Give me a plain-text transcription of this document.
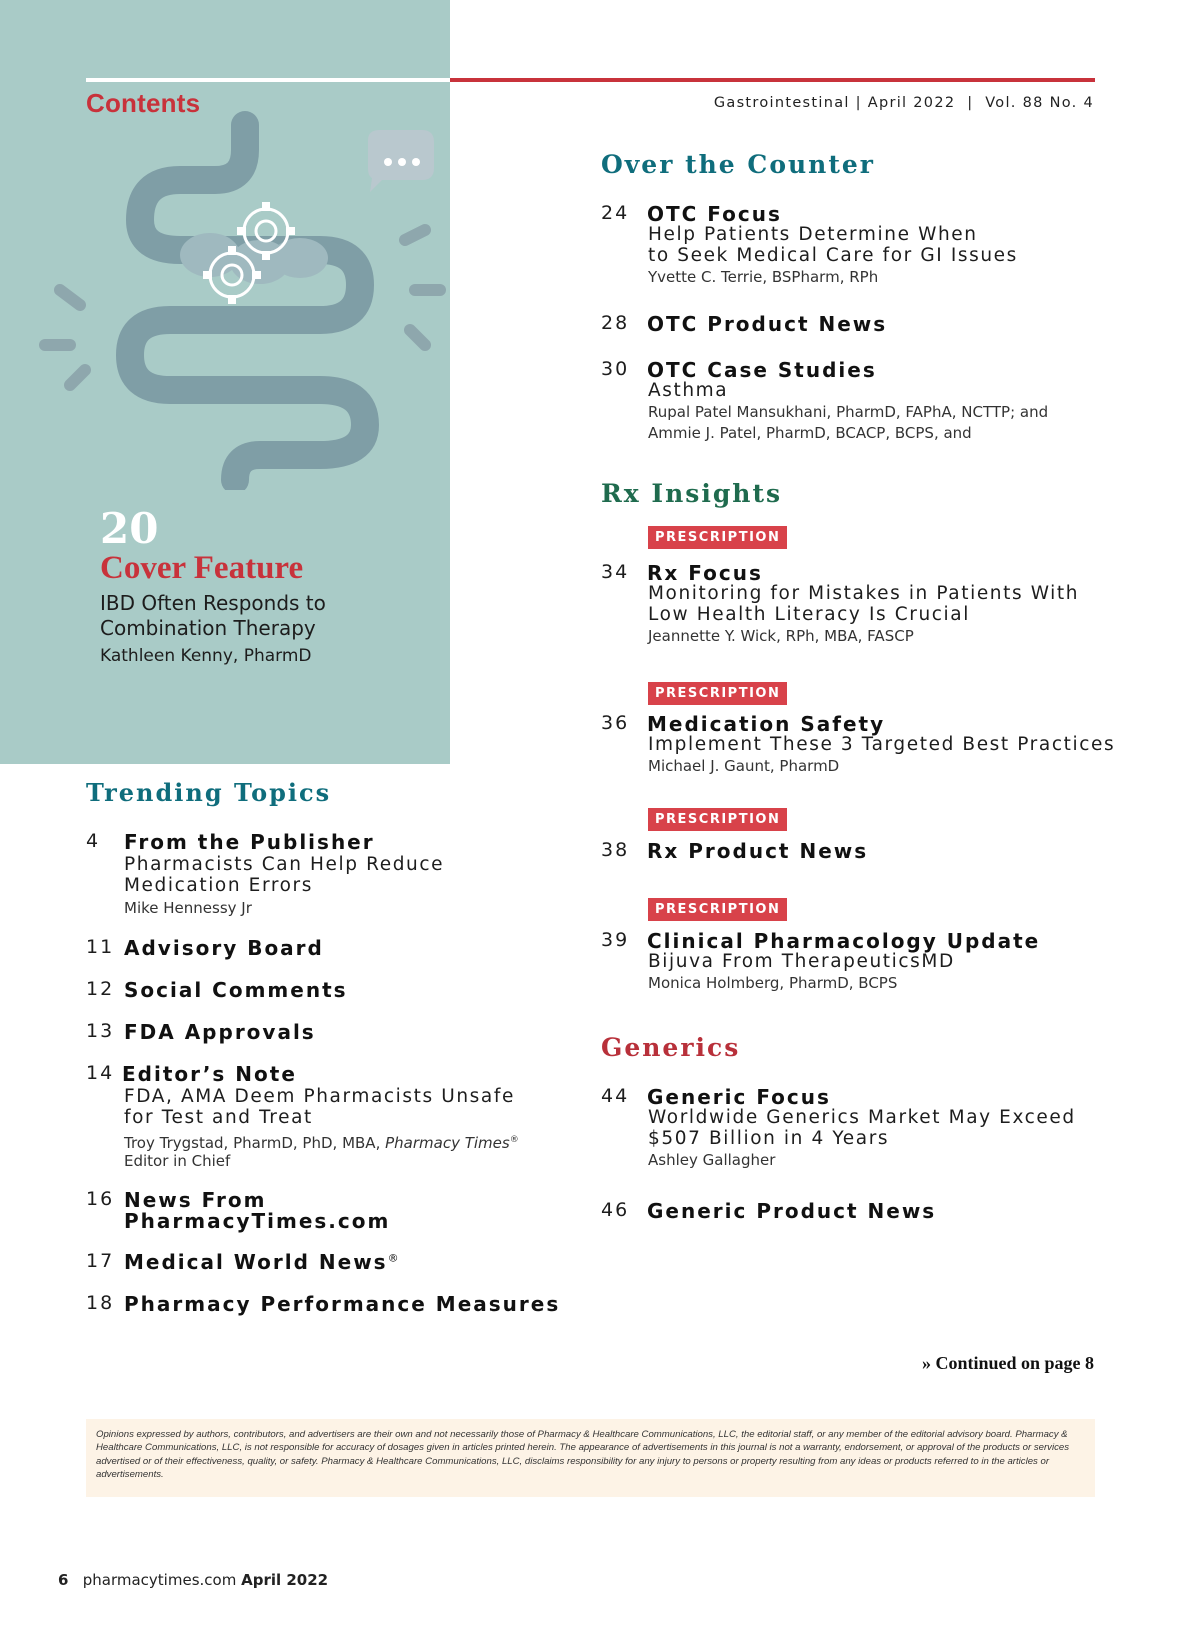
Contents	Gastrointestinal | April 2022  |  Vol. 88 No. 4
20
Cover Feature
IBD Often Responds to Combination Therapy
Kathleen Kenny, PharmD
Trending Topics
4 From the Publisher
Pharmacists Can Help Reduce
Medication Errors
Mike Hennessy Jr
11 Advisory Board
12 Social Comments
13 FDA Approvals
14 Editor’s Note
FDA, AMA Deem Pharmacists Unsafe
for Test and Treat
Troy Trygstad, PharmD, PhD, MBA, Pharmacy Times®
Editor in Chief
16 News From
PharmacyTimes.com
17 Medical World News®
18 Pharmacy Performance Measures
Over the Counter
24 OTC Focus
Help Patients Determine When
to Seek Medical Care for GI Issues
Yvette C. Terrie, BSPharm, RPh
28 OTC Product News
30 OTC Case Studies
Asthma
Rupal Patel Mansukhani, PharmD, FAPhA, NCTTP; and
Ammie J. Patel, PharmD, BCACP, BCPS, and
Rx Insights
PRESCRIPTION
34 Rx Focus
Monitoring for Mistakes in Patients With
Low Health Literacy Is Crucial
Jeannette Y. Wick, RPh, MBA, FASCP
PRESCRIPTION
36 Medication Safety
Implement These 3 Targeted Best Practices
Michael J. Gaunt, PharmD
PRESCRIPTION
38 Rx Product News
PRESCRIPTION
39 Clinical Pharmacology Update
Bijuva From TherapeuticsMD
Monica Holmberg, PharmD, BCPS
Generics
44 Generic Focus
Worldwide Generics Market May Exceed
$507 Billion in 4 Years
Ashley Gallagher
46 Generic Product News
» Continued on page 8
Opinions expressed by authors, contributors, and advertisers are their own and not necessarily those of Pharmacy & Healthcare Communications, LLC, the editorial staff, or any member of the editorial advisory board. Pharmacy & Healthcare Communications, LLC, is not responsible for accuracy of dosages given in articles printed herein. The appearance of advertisements in this journal is not a warranty, endorsement, or approval of the products or services advertised or of their effectiveness, quality, or safety. Pharmacy & Healthcare Communications, LLC, disclaims responsibility for any injury to persons or property resulting from any ideas or products referred to in the articles or advertisements.
6 pharmacytimes.com April 2022
